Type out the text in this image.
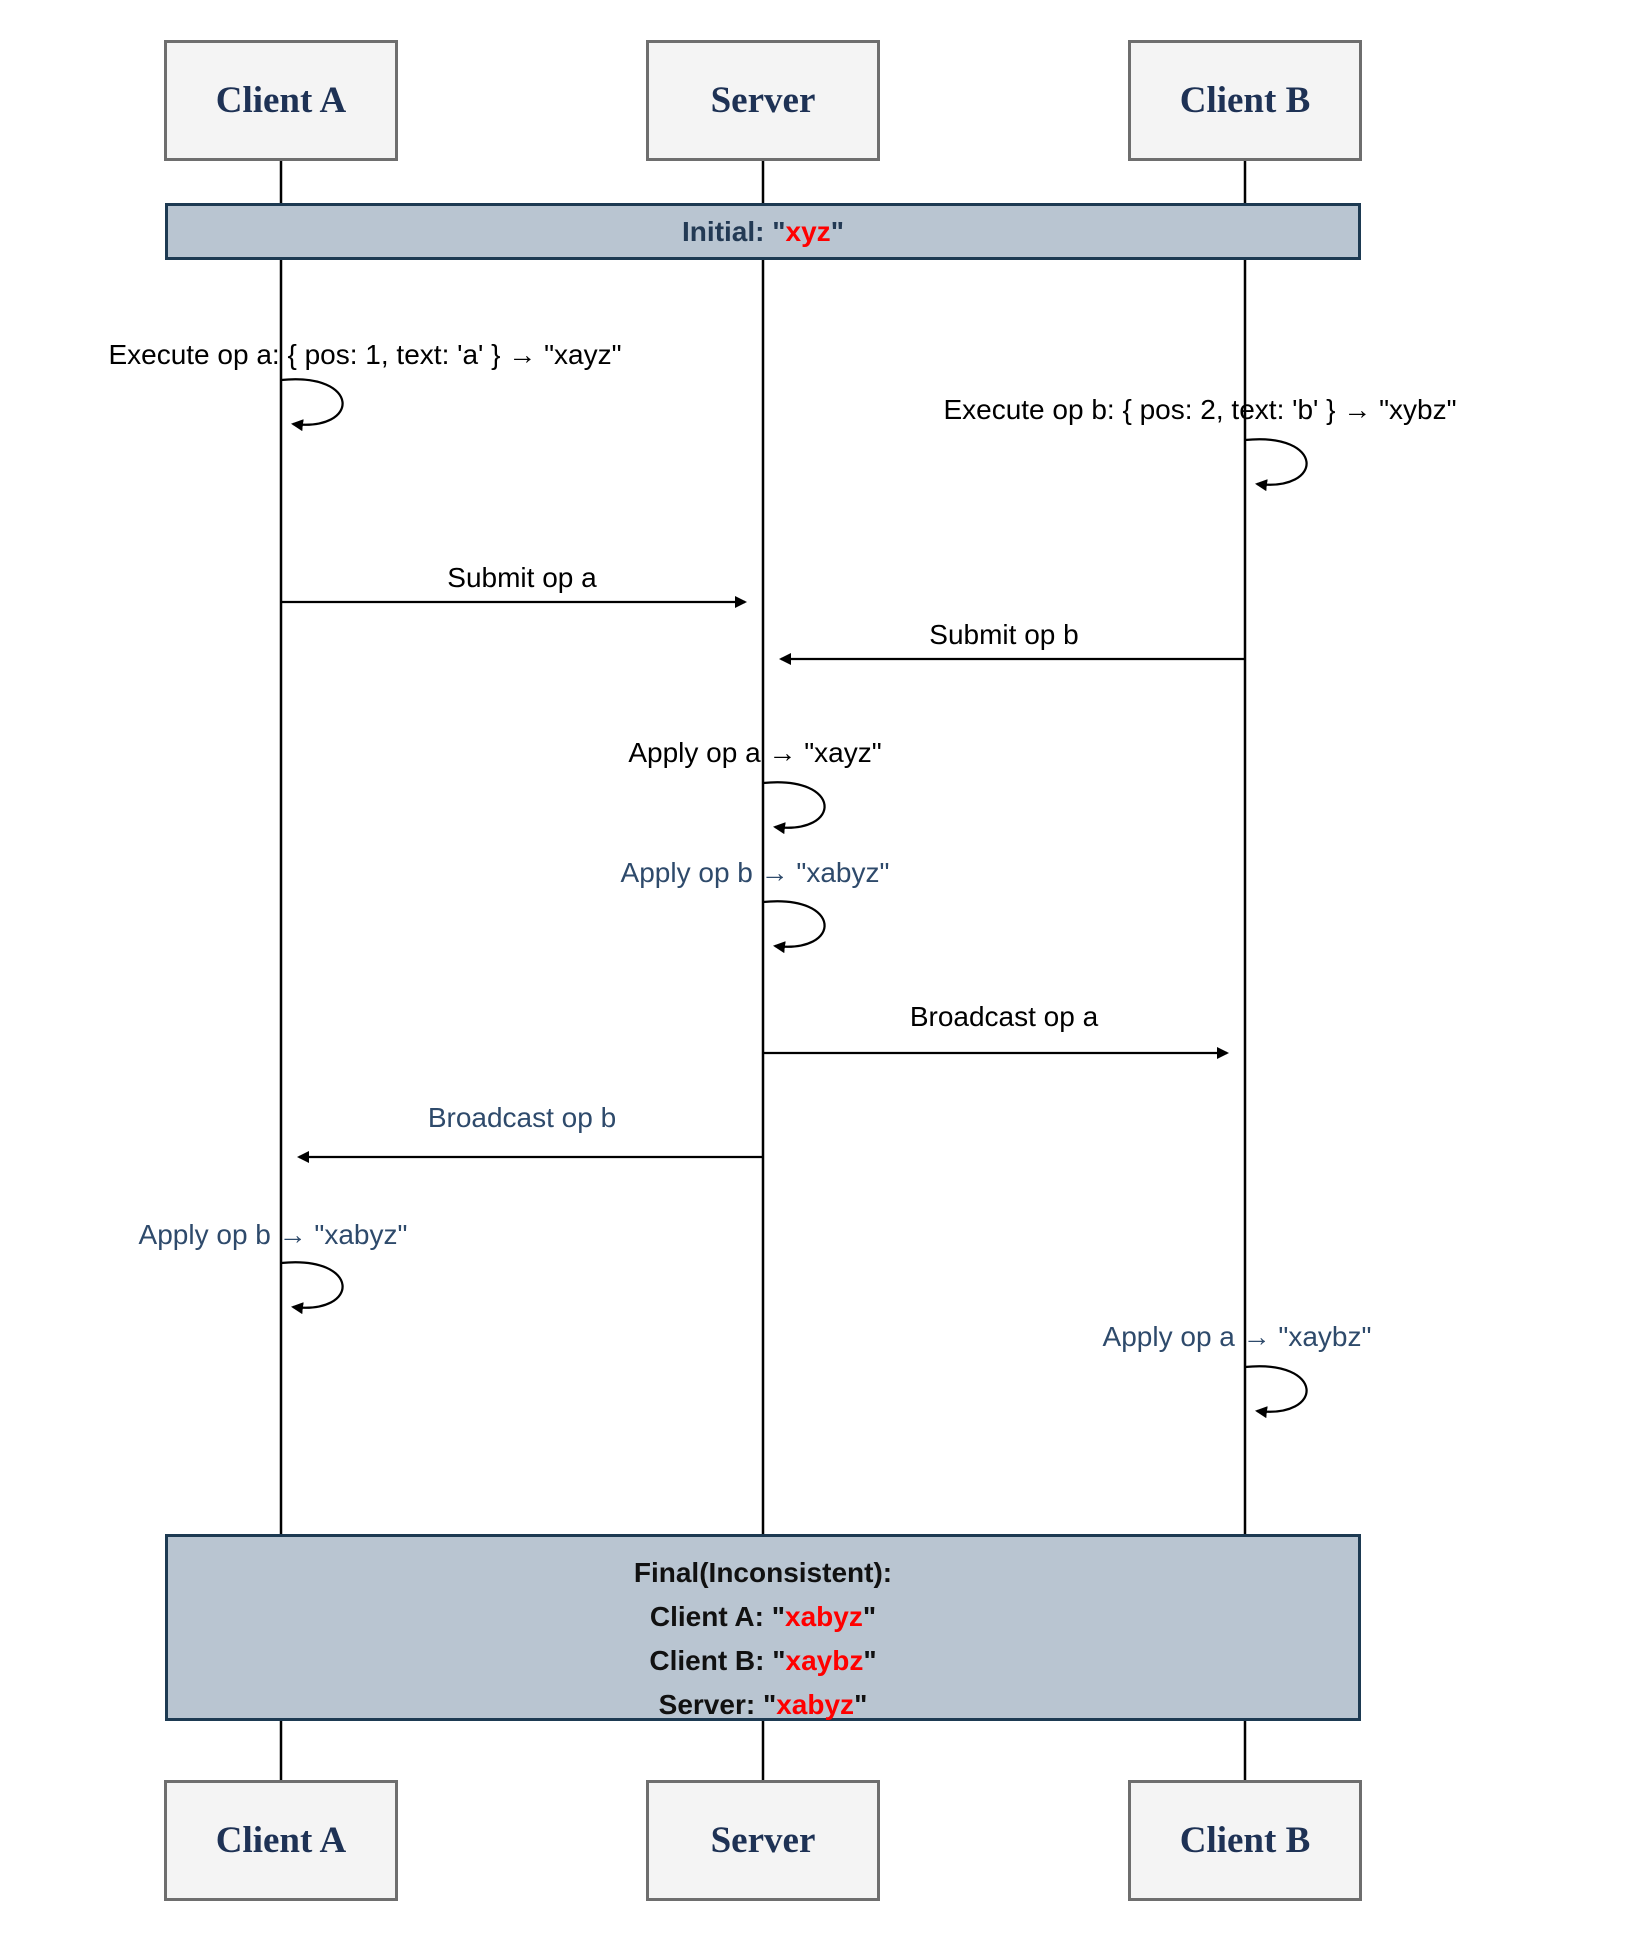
Client A	Server	Client B
Initial: "xyz"
Execute op a: { pos: 1, text: 'a' } → "xayz"
Execute op b: { pos: 2, text: 'b' } → "xybz"
Submit op a
Submit op b
Apply op a → "xayz"
Apply op b → "xabyz"
Broadcast op a
Broadcast op b
Apply op b → "xabyz"
Apply op a → "xaybz"
Final(Inconsistent):
Client A: "xabyz"
Client B: "xaybz"
Server: "xabyz"
Client A	Server	Client B
